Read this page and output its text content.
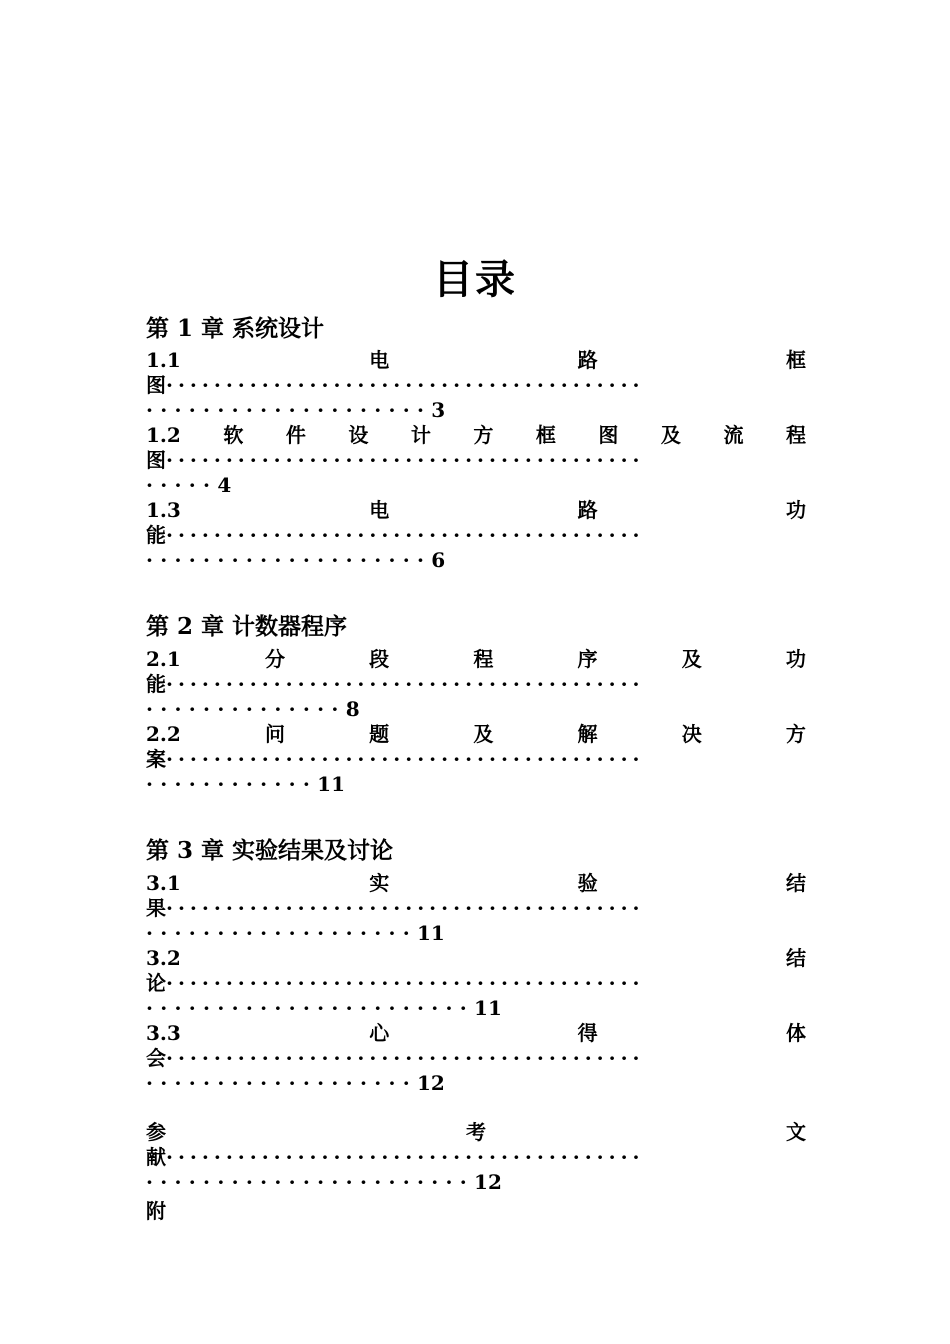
目录
第 1 章 系统设计
1.1	电	路	框
图 ········································
···················· 3
1.2 软 件 设 计 方 框 图 及 流 程
图 ········································
····· 4
1.3	电	路	功
能 ········································
···················· 6
第 2 章 计数器程序
2.1	分	段	程	序	及	功
能 ········································
·············· 8
2.2	问	题	及	解	决	方
案 ········································
············ 11
第 3 章 实验结果及讨论
3.1	实	验	结
果 ········································
··················· 11
3.2	结
论 ········································
······················· 11
3.3	心	得	体
会 ········································
··················· 12
参	考	文
献 ········································
······················· 12
附
